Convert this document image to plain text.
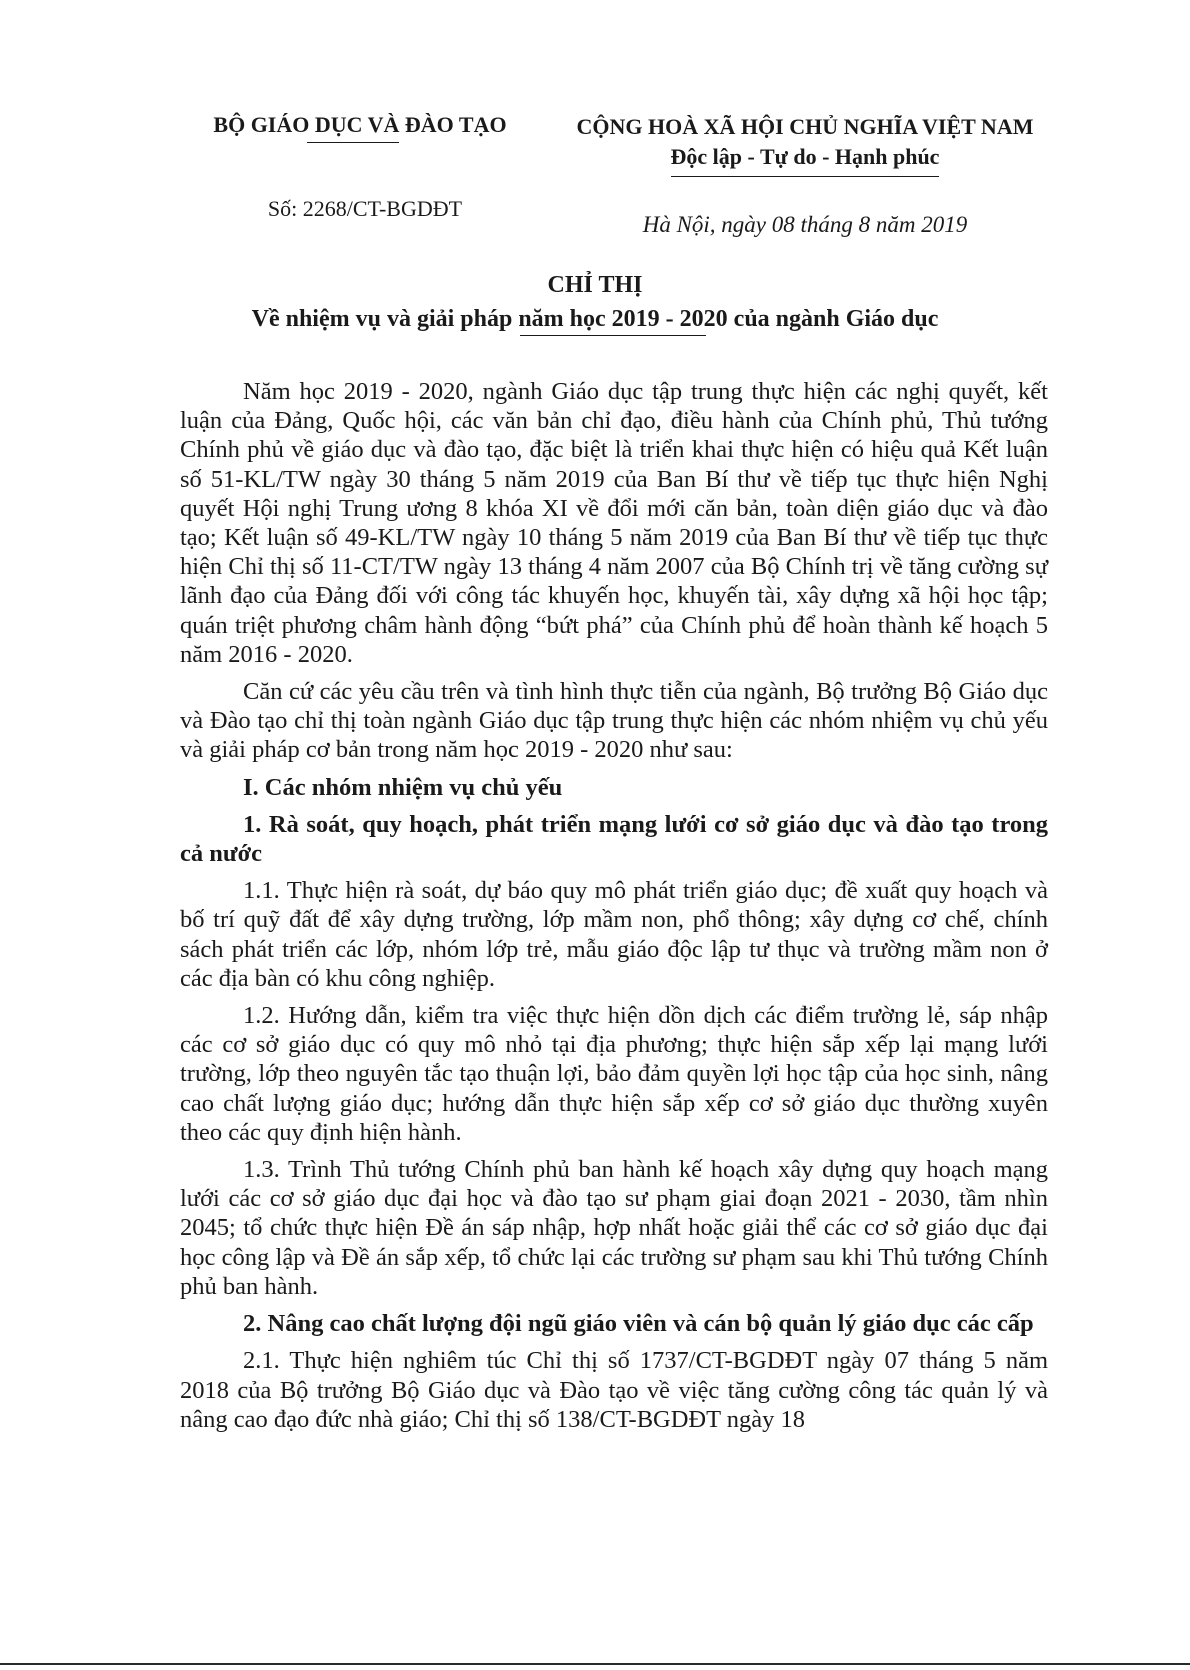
BỘ GIÁO DỤC VÀ ĐÀO TẠO	CỘNG HOÀ XÃ HỘI CHỦ NGHĨA VIỆT NAM
Độc lập - Tự do - Hạnh phúc
Số: 2268/CT-BGDĐT
Hà Nội, ngày 08 tháng 8 năm 2019
CHỈ THỊ
Về nhiệm vụ và giải pháp năm học 2019 - 2020 của ngành Giáo dục

Năm học 2019 - 2020, ngành Giáo dục tập trung thực hiện các nghị quyết, kết luận của Đảng, Quốc hội, các văn bản chỉ đạo, điều hành của Chính phủ, Thủ tướng Chính phủ về giáo dục và đào tạo, đặc biệt là triển khai thực hiện có hiệu quả Kết luận số 51-KL/TW ngày 30 tháng 5 năm 2019 của Ban Bí thư về tiếp tục thực hiện Nghị quyết Hội nghị Trung ương 8 khóa XI về đổi mới căn bản, toàn diện giáo dục và đào tạo; Kết luận số 49-KL/TW ngày 10 tháng 5 năm 2019 của Ban Bí thư về tiếp tục thực hiện Chỉ thị số 11-CT/TW ngày 13 tháng 4 năm 2007 của Bộ Chính trị về tăng cường sự lãnh đạo của Đảng đối với công tác khuyến học, khuyến tài, xây dựng xã hội học tập; quán triệt phương châm hành động “bứt phá” của Chính phủ để hoàn thành kế hoạch 5 năm 2016 - 2020.

Căn cứ các yêu cầu trên và tình hình thực tiễn của ngành, Bộ trưởng Bộ Giáo dục và Đào tạo chỉ thị toàn ngành Giáo dục tập trung thực hiện các nhóm nhiệm vụ chủ yếu và giải pháp cơ bản trong năm học 2019 - 2020 như sau:

I. Các nhóm nhiệm vụ chủ yếu

1. Rà soát, quy hoạch, phát triển mạng lưới cơ sở giáo dục và đào tạo trong cả nước

1.1. Thực hiện rà soát, dự báo quy mô phát triển giáo dục; đề xuất quy hoạch và bố trí quỹ đất để xây dựng trường, lớp mầm non, phổ thông; xây dựng cơ chế, chính sách phát triển các lớp, nhóm lớp trẻ, mẫu giáo độc lập tư thục và trường mầm non ở các địa bàn có khu công nghiệp.

1.2. Hướng dẫn, kiểm tra việc thực hiện dồn dịch các điểm trường lẻ, sáp nhập các cơ sở giáo dục có quy mô nhỏ tại địa phương; thực hiện sắp xếp lại mạng lưới trường, lớp theo nguyên tắc tạo thuận lợi, bảo đảm quyền lợi học tập của học sinh, nâng cao chất lượng giáo dục; hướng dẫn thực hiện sắp xếp cơ sở giáo dục thường xuyên theo các quy định hiện hành.

1.3. Trình Thủ tướng Chính phủ ban hành kế hoạch xây dựng quy hoạch mạng lưới các cơ sở giáo dục đại học và đào tạo sư phạm giai đoạn 2021 - 2030, tầm nhìn 2045; tổ chức thực hiện Đề án sáp nhập, hợp nhất hoặc giải thể các cơ sở giáo dục đại học công lập và Đề án sắp xếp, tổ chức lại các trường sư phạm sau khi Thủ tướng Chính phủ ban hành.

2. Nâng cao chất lượng đội ngũ giáo viên và cán bộ quản lý giáo dục các cấp

2.1. Thực hiện nghiêm túc Chỉ thị số 1737/CT-BGDĐT ngày 07 tháng 5 năm 2018 của Bộ trưởng Bộ Giáo dục và Đào tạo về việc tăng cường công tác quản lý và nâng cao đạo đức nhà giáo; Chỉ thị số 138/CT-BGDĐT ngày 18
